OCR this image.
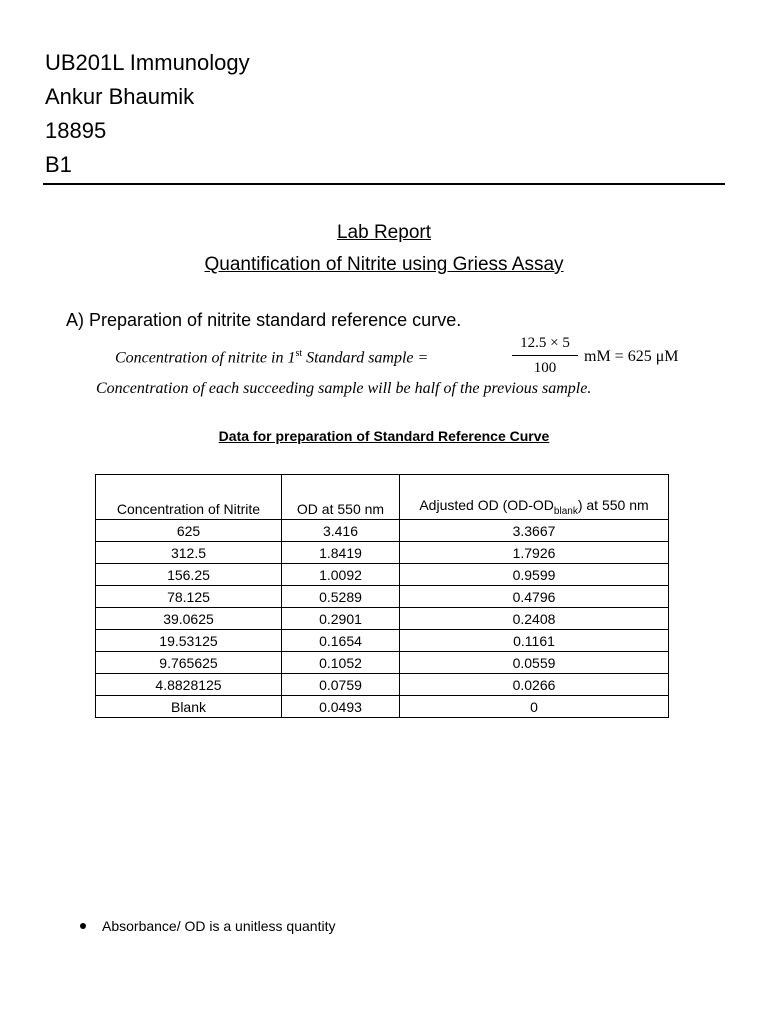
UB201L Immunology
Ankur Bhaumik
18895
B1
Lab Report
Quantification of Nitrite using Griess Assay
A) Preparation of nitrite standard reference curve.
Concentration of nitrite in 1st Standard sample =
12.5 × 5
100
mM = 625 μM
Concentration of each succeeding sample will be half of the previous sample.
Data for preparation of Standard Reference Curve
Concentration of Nitrite	OD at 550 nm	Adjusted OD $(OD-OD_{blank})$ at 550 nm
625	3.416	3.3667
312.5	1.8419	1.7926
156.25	1.0092	0.9599
78.125	0.5289	0.4796
39.0625	0.2901	0.2408
19.53125	0.1654	0.1161
9.765625	0.1052	0.0559
4.8828125	0.0759	0.0266
Blank	0.0493	0
Absorbance/ OD is a unitless quantity
